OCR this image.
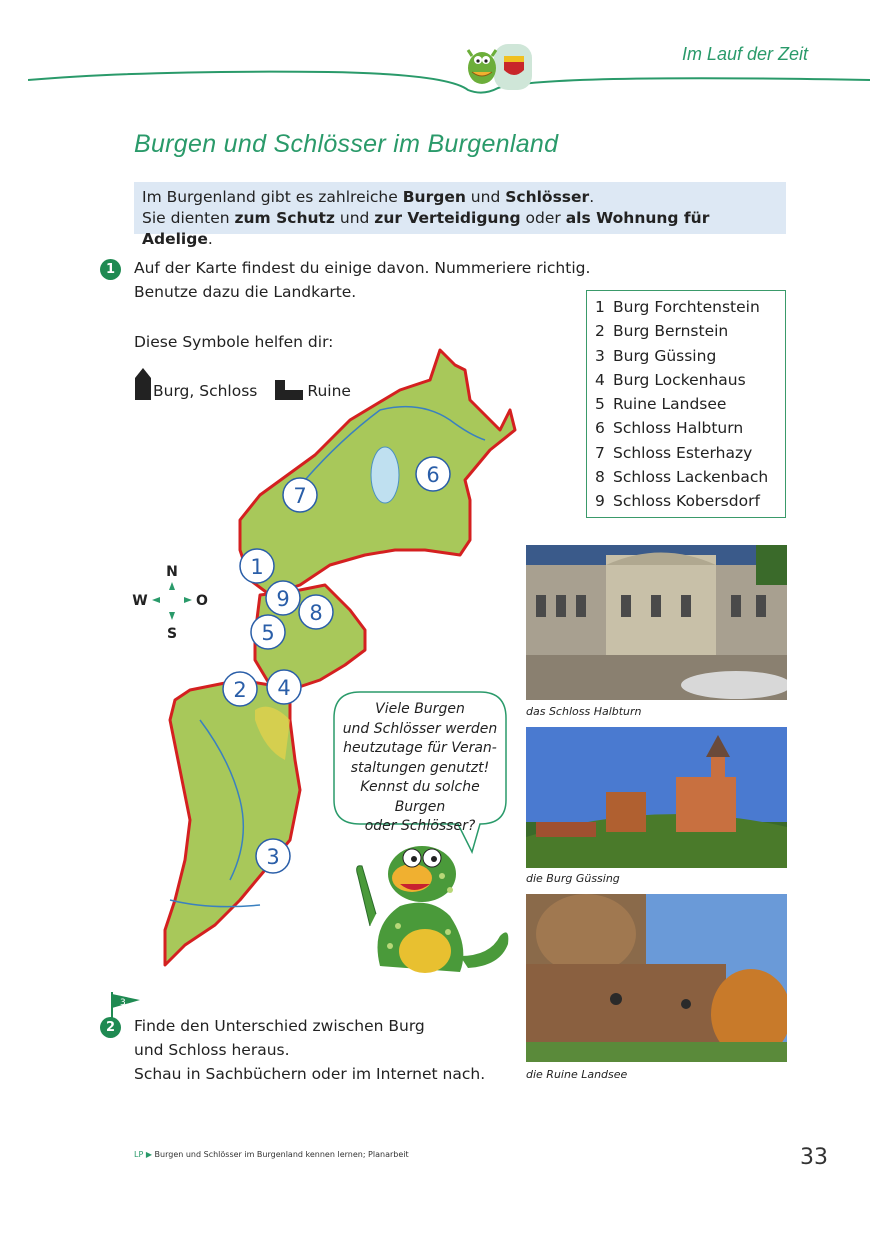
Im Lauf der Zeit
Burgen und Schlösser im Burgenland
Im Burgenland gibt es zahlreiche Burgen und Schlösser.
Sie dienten zum Schutz und zur Verteidigung oder als Wohnung für Adelige.
1	Auf der Karte findest du einige davon. Nummeriere richtig.
Benutze dazu die Landkarte.
Diese Symbole helfen dir:
Burg, Schloss	Ruine
1 Burg Forchtenstein
2 Burg Bernstein
3 Burg Güssing
4 Burg Lockenhaus
5 Ruine Landsee
6 Schloss Halbturn
7 Schloss Esterhazy
8 Schloss Lackenbach
9 Schloss Kobersdorf
N
W	O
S
7
6
1
9
8
5
2 4
3
Viele Burgen
und Schlösser werden
heutzutage für Veran-
staltungen genutzt!
Kennst du solche Burgen
oder Schlösser?
das Schloss Halbturn
die Burg Güssing
die Ruine Landsee
3
2	Finde den Unterschied zwischen Burg
und Schloss heraus.
Schau in Sachbüchern oder im Internet nach.
LP ▶ Burgen und Schlösser im Burgenland kennen lernen; Planarbeit	33
